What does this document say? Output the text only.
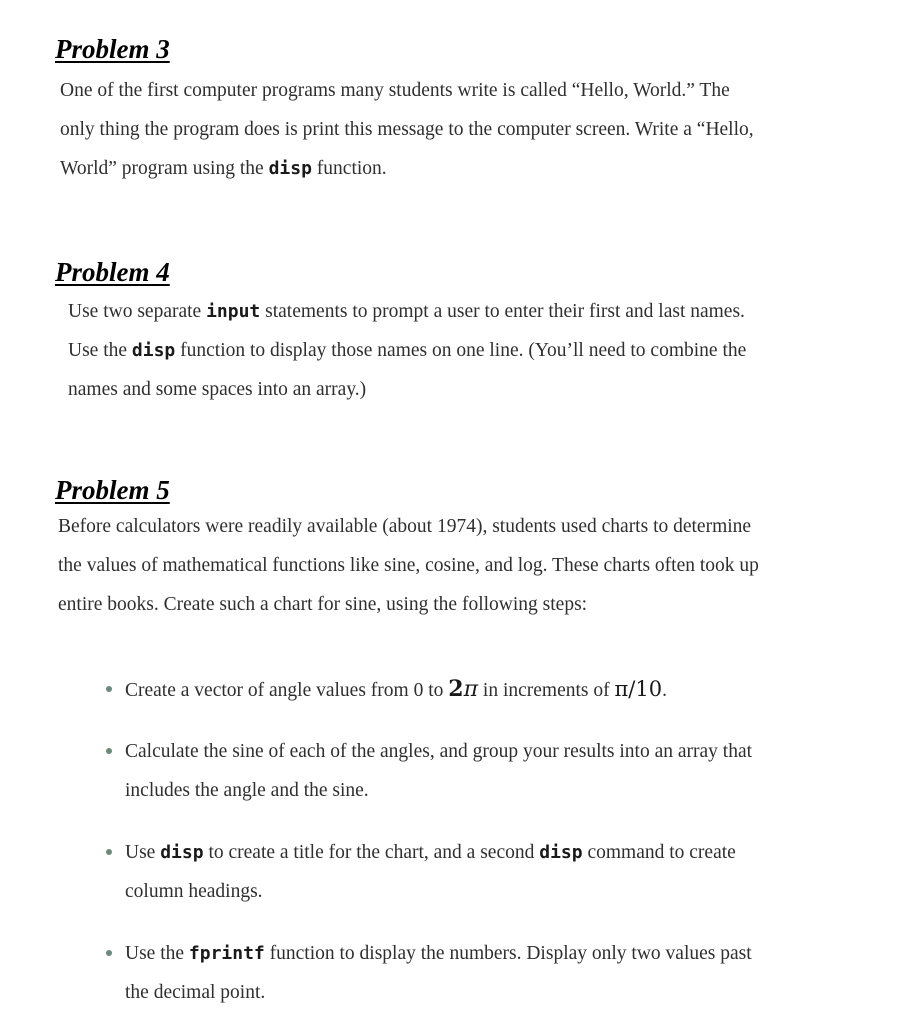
Problem 3
One of the first computer programs many students write is called “Hello, World.” The
only thing the program does is print this message to the computer screen. Write a “Hello,
World” program using the disp function.
Problem 4
Use two separate input statements to prompt a user to enter their first and last names.
Use the disp function to display those names on one line. (You’ll need to combine the
names and some spaces into an array.)
Problem 5
Before calculators were readily available (about 1974), students used charts to determine
the values of mathematical functions like sine, cosine, and log. These charts often took up
entire books. Create such a chart for sine, using the following steps:
Create a vector of angle values from 0 to 2π in increments of π/10.
Calculate the sine of each of the angles, and group your results into an array that
includes the angle and the sine.
Use disp to create a title for the chart, and a second disp command to create
column headings.
Use the fprintf function to display the numbers. Display only two values past
the decimal point.
